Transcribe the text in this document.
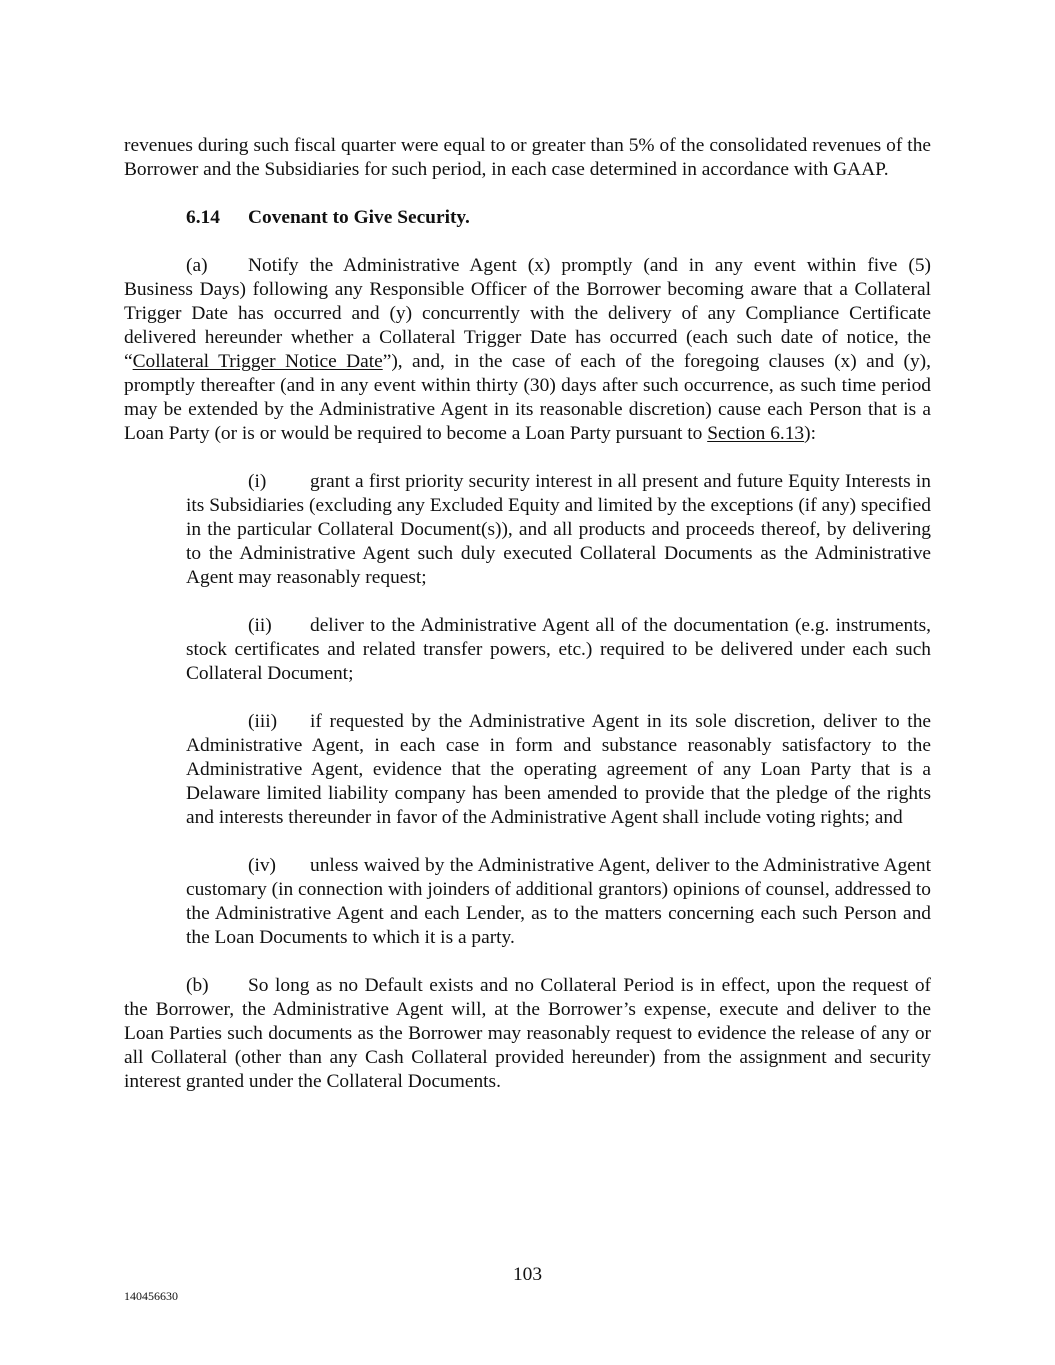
revenues during such fiscal quarter were equal to or greater than 5% of the consolidated revenues of the Borrower and the Subsidiaries for such period, in each case determined in accordance with GAAP.

6.14 Covenant to Give Security.

(a) Notify the Administrative Agent (x) promptly (and in any event within five (5) Business Days) following any Responsible Officer of the Borrower becoming aware that a Collateral Trigger Date has occurred and (y) concurrently with the delivery of any Compliance Certificate delivered hereunder whether a Collateral Trigger Date has occurred (each such date of notice, the “Collateral Trigger Notice Date”), and, in the case of each of the foregoing clauses (x) and (y), promptly thereafter (and in any event within thirty (30) days after such occurrence, as such time period may be extended by the Administrative Agent in its reasonable discretion) cause each Person that is a Loan Party (or is or would be required to become a Loan Party pursuant to Section 6.13):

(i) grant a first priority security interest in all present and future Equity Interests in its Subsidiaries (excluding any Excluded Equity and limited by the exceptions (if any) specified in the particular Collateral Document(s)), and all products and proceeds thereof, by delivering to the Administrative Agent such duly executed Collateral Documents as the Administrative Agent may reasonably request;

(ii) deliver to the Administrative Agent all of the documentation (e.g. instruments, stock certificates and related transfer powers, etc.) required to be delivered under each such Collateral Document;

(iii) if requested by the Administrative Agent in its sole discretion, deliver to the Administrative Agent, in each case in form and substance reasonably satisfactory to the Administrative Agent, evidence that the operating agreement of any Loan Party that is a Delaware limited liability company has been amended to provide that the pledge of the rights and interests thereunder in favor of the Administrative Agent shall include voting rights; and

(iv) unless waived by the Administrative Agent, deliver to the Administrative Agent customary (in connection with joinders of additional grantors) opinions of counsel, addressed to the Administrative Agent and each Lender, as to the matters concerning each such Person and the Loan Documents to which it is a party.

(b) So long as no Default exists and no Collateral Period is in effect, upon the request of the Borrower, the Administrative Agent will, at the Borrower’s expense, execute and deliver to the Loan Parties such documents as the Borrower may reasonably request to evidence the release of any or all Collateral (other than any Cash Collateral provided hereunder) from the assignment and security interest granted under the Collateral Documents.

103
140456630
